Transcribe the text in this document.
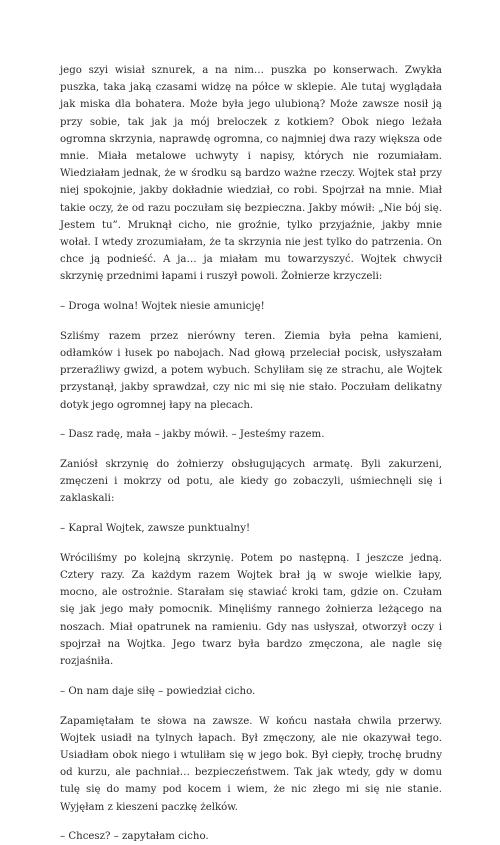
jego szyi wisiał sznurek, a na nim… puszka po konserwach. Zwykła puszka, taka jaką czasami widzę na półce w sklepie. Ale tutaj wyglądała jak miska dla bohatera. Może była jego ulubioną? Może zawsze nosił ją przy sobie, tak jak ja mój breloczek z kotkiem? Obok niego leżała ogromna skrzynia, naprawdę ogromna, co najmniej dwa razy większa ode mnie. Miała metalowe uchwyty i napisy, których nie rozumiałam. Wiedziałam jednak, że w środku są bardzo ważne rzeczy. Wojtek stał przy niej spokojnie, jakby dokładnie wiedział, co robi. Spojrzał na mnie. Miał takie oczy, że od razu poczułam się bezpieczna. Jakby mówił: „Nie bój się. Jestem tu”. Mruknął cicho, nie groźnie, tylko przyjaźnie, jakby mnie wołał. I wtedy zrozumiałam, że ta skrzynia nie jest tylko do patrzenia. On chce ją podnieść. A ja… ja miałam mu towarzyszyć. Wojtek chwycił skrzynię przednimi łapami i ruszył powoli. Żołnierze krzyczeli:

– Droga wolna! Wojtek niesie amunicję!

Szliśmy razem przez nierówny teren. Ziemia była pełna kamieni, odłamków i łusek po nabojach. Nad głową przeleciał pocisk, usłyszałam przeraźliwy gwizd, a potem wybuch. Schyliłam się ze strachu, ale Wojtek przystanął, jakby sprawdzał, czy nic mi się nie stało. Poczułam delikatny dotyk jego ogromnej łapy na plecach.

– Dasz radę, mała – jakby mówił. – Jesteśmy razem.

Zaniósł skrzynię do żołnierzy obsługujących armatę. Byli zakurzeni, zmęczeni i mokrzy od potu, ale kiedy go zobaczyli, uśmiechnęli się i zaklaskali:

– Kapral Wojtek, zawsze punktualny!

Wróciliśmy po kolejną skrzynię. Potem po następną. I jeszcze jedną. Cztery razy. Za każdym razem Wojtek brał ją w swoje wielkie łapy, mocno, ale ostrożnie. Starałam się stawiać kroki tam, gdzie on. Czułam się jak jego mały pomocnik. Minęliśmy rannego żołnierza leżącego na noszach. Miał opatrunek na ramieniu. Gdy nas usłyszał, otworzył oczy i spojrzał na Wojtka. Jego twarz była bardzo zmęczona, ale nagle się rozjaśniła.

– On nam daje siłę – powiedział cicho.

Zapamiętałam te słowa na zawsze. W końcu nastała chwila przerwy. Wojtek usiadł na tylnych łapach. Był zmęczony, ale nie okazywał tego. Usiadłam obok niego i wtuliłam się w jego bok. Był ciepły, trochę brudny od kurzu, ale pachniał… bezpieczeństwem. Tak jak wtedy, gdy w domu tulę się do mamy pod kocem i wiem, że nic złego mi się nie stanie. Wyjęłam z kieszeni paczkę żelków.

– Chcesz? – zapytałam cicho.
